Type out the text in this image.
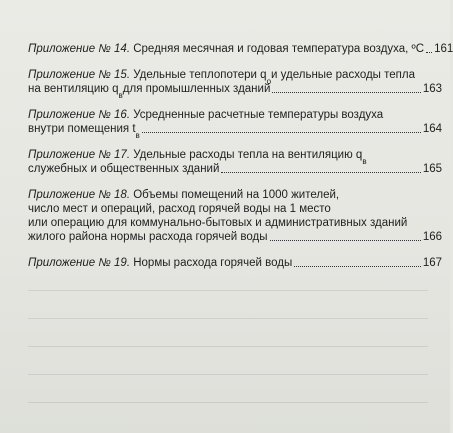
Приложение № 14.
Средняя месячная и годовая температура воздуха, ºС 161
Приложение № 15.
Удельные теплопотери q
о
и удельные расходы тепла
на вентиляцию q
в
для промышленных зданий	163
Приложение № 16.
Усредненные расчетные температуры воздуха
внутри помещения t
в
164
Приложение № 17.
Удельные расходы тепла на вентиляцию q
в
служебных и общественных зданий	165
Приложение № 18.
Объемы помещений на 1000 жителей,
число мест и операций, расход горячей воды на 1 место
или операцию для коммунально-бытовых и административных зданий
жилого района нормы расхода горячей воды	166
Приложение № 19.
Нормы расхода горячей воды	167
